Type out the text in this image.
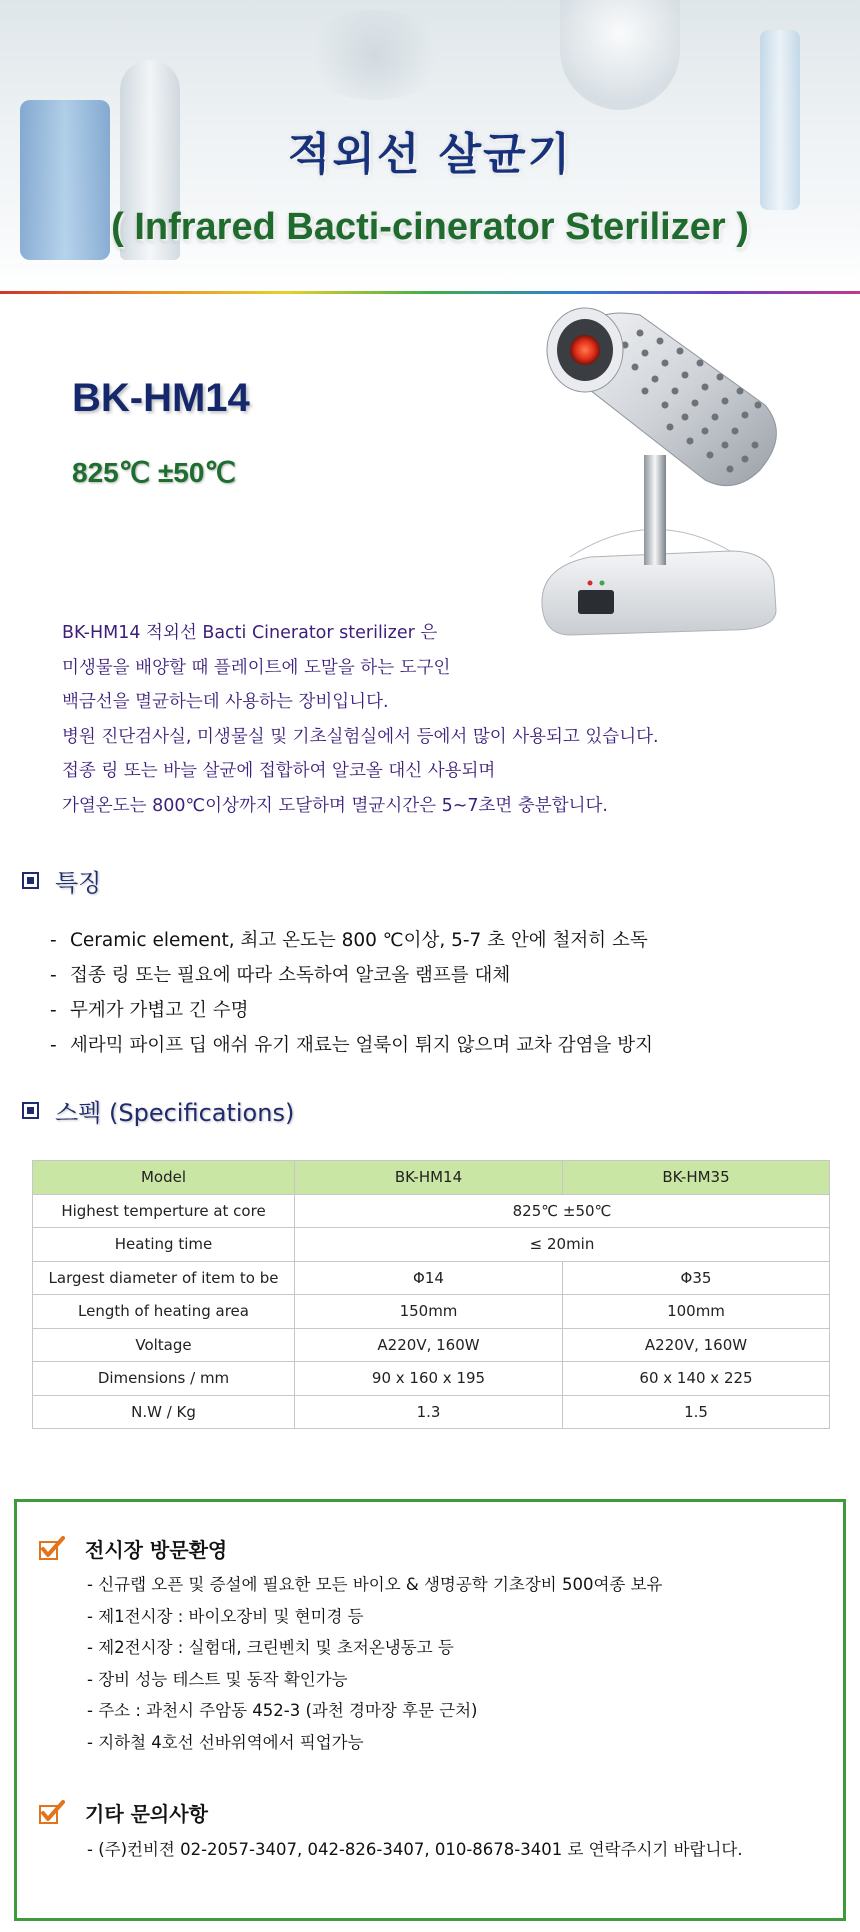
적외선 살균기
( Infrared Bacti-cinerator Sterilizer )
BK-HM14
825℃ ±50℃
BK-HM14 적외선 Bacti Cinerator sterilizer 은
미생물을 배양할 때 플레이트에 도말을 하는 도구인
백금선을 멸균하는데 사용하는 장비입니다.
병원 진단검사실, 미생물실 및 기초실험실에서 등에서 많이 사용되고 있습니다.
접종 링 또는 바늘 살균에 접합하여 알코올 대신 사용되며
가열온도는 800℃이상까지 도달하며 멸균시간은 5~7초면 충분합니다.
특징
- Ceramic element, 최고 온도는 800 ℃이상, 5-7 초 안에 철저히 소독
- 접종 링 또는 필요에 따라 소독하여 알코올 램프를 대체
- 무게가 가볍고 긴 수명
- 세라믹 파이프 딥 애쉬 유기 재료는 얼룩이 튀지 않으며 교차 감염을 방지
스펙 (Specifications)
Model	BK-HM14	BK-HM35
Highest temperture at core	825℃ ±50℃	
Heating time	≤ 20min	
Largest diameter of item to be	Φ14	Φ35
Length of heating area	150mm	100mm
Voltage	A220V, 160W	A220V, 160W
Dimensions / mm	90 x 160 x 195	60 x 140 x 225
N.W / Kg	1.3	1.5
전시장 방문환영
- 신규랩 오픈 및 증설에 필요한 모든 바이오 & 생명공학 기초장비 500여종 보유
- 제1전시장 : 바이오장비 및 현미경 등
- 제2전시장 : 실험대, 크린벤치 및 초저온냉동고 등
- 장비 성능 테스트 및 동작 확인가능
- 주소 : 과천시 주암동 452-3 (과천 경마장 후문 근처)
- 지하철 4호선 선바위역에서 픽업가능
기타 문의사항
- (주)컨비젼 02-2057-3407, 042-826-3407, 010-8678-3401 로 연락주시기 바랍니다.
